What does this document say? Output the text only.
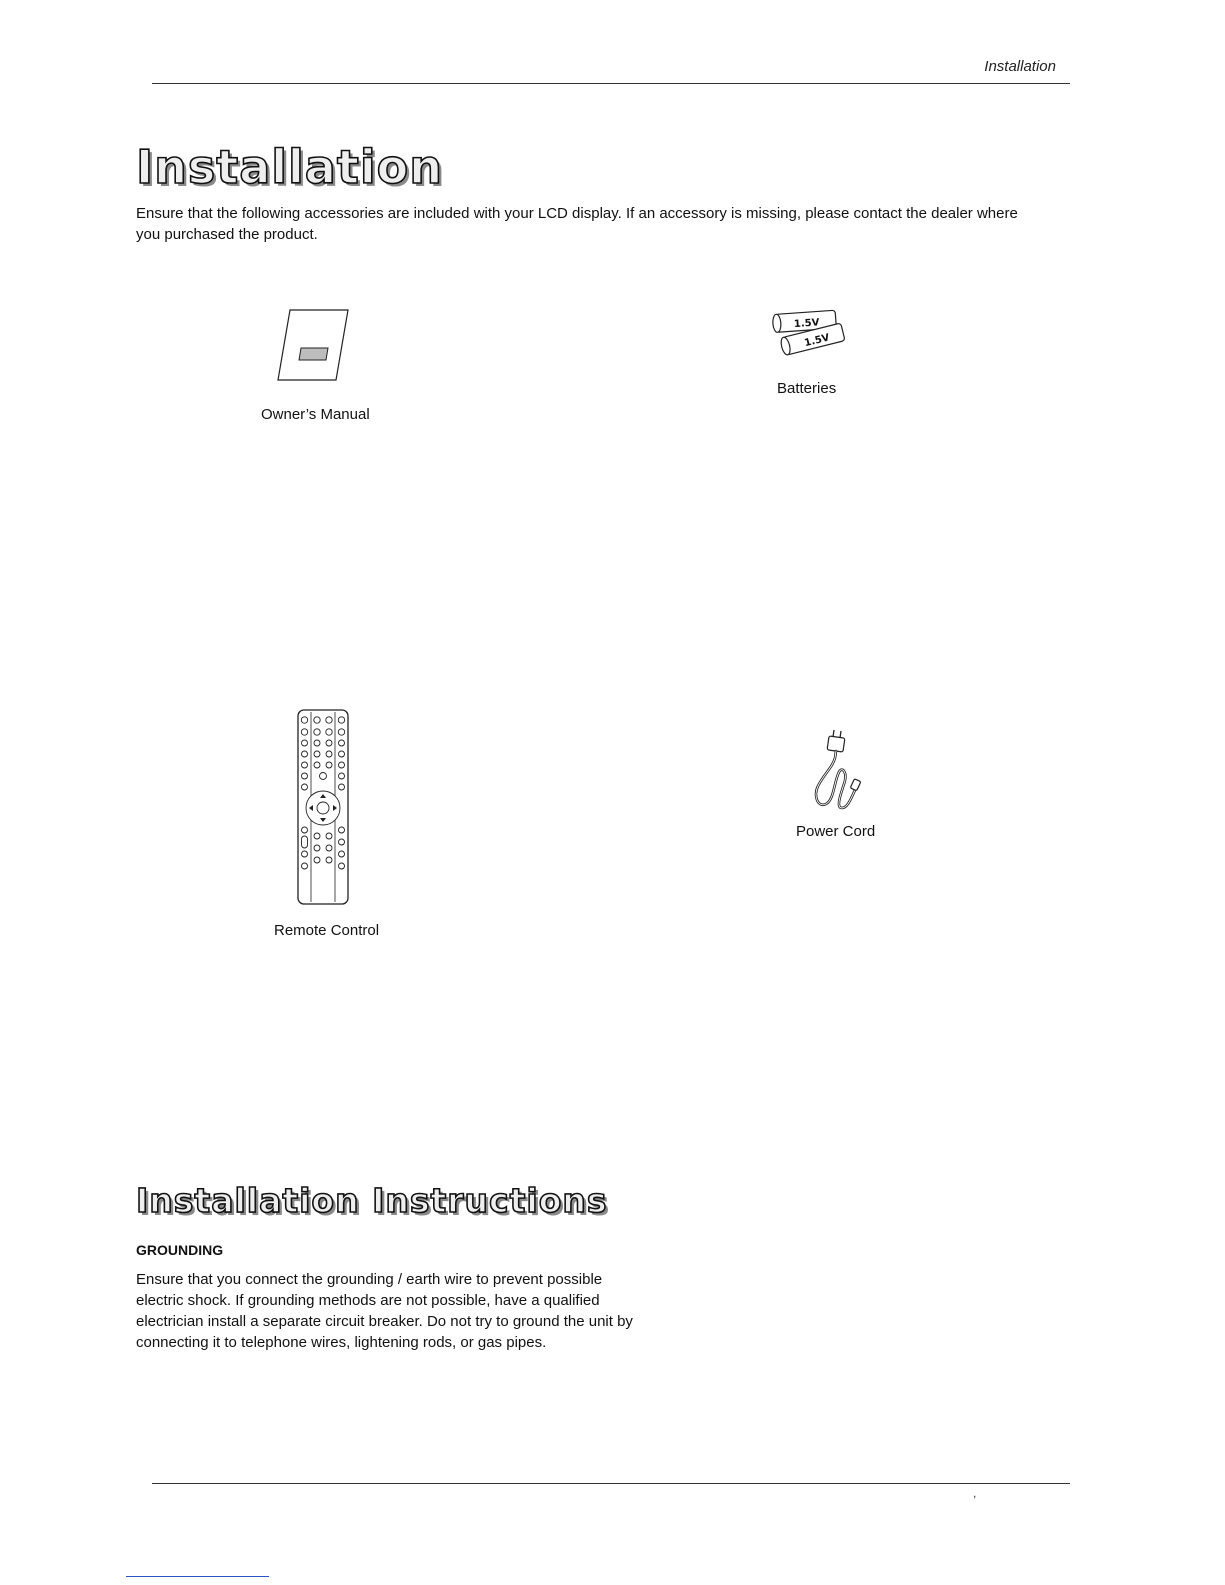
Installation
Installation

Ensure that the following accessories are included with your LCD display. If an accessory is missing, please contact the dealer where you purchased the product.

Owner’s Manual
1.5V
1.5V
Batteries
Remote Control
Power Cord
Installation Instructions
GROUNDING

Ensure that you connect the grounding / earth wire to prevent possible electric shock. If grounding methods are not possible, have a qualified electrician install a separate circuit breaker. Do not try to ground the unit by connecting it to telephone wires, lightening rods, or gas pipes.

,
